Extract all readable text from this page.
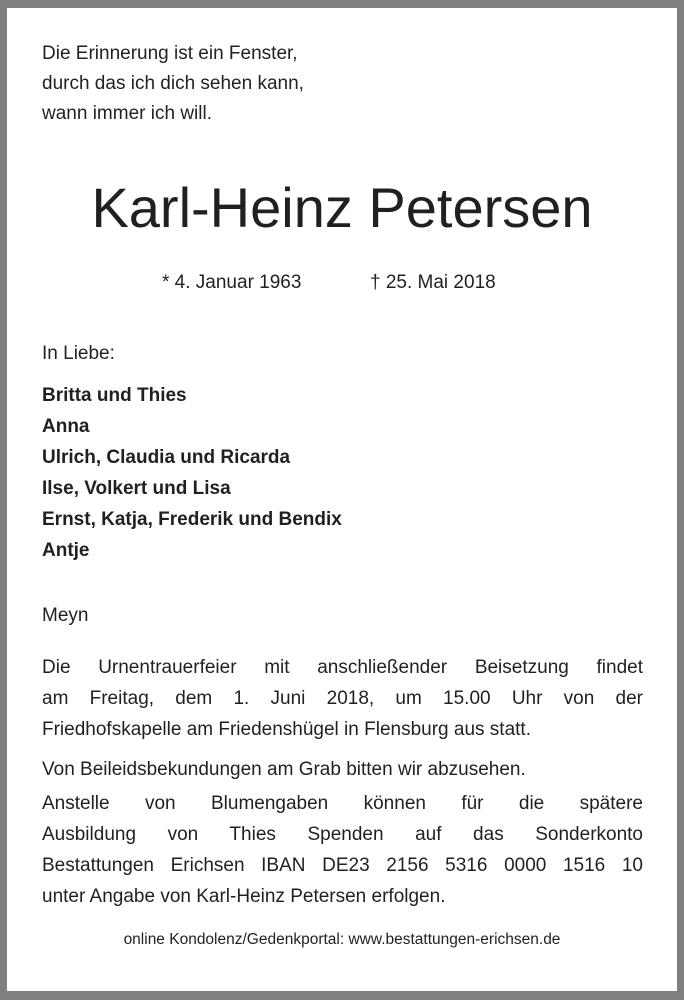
Die Erinnerung ist ein Fenster,
durch das ich dich sehen kann,
wann immer ich will.
Karl-Heinz Petersen
* 4. Januar 1963	† 25. Mai 2018
In Liebe:
Britta und Thies
Anna
Ulrich, Claudia und Ricarda
Ilse, Volkert und Lisa
Ernst, Katja, Frederik und Bendix
Antje
Meyn
Die Urnentrauerfeier mit anschließender Beisetzung findet
am Freitag, dem 1. Juni 2018, um 15.00 Uhr von der
Friedhofskapelle am Friedenshügel in Flensburg aus statt.
Von Beileidsbekundungen am Grab bitten wir abzusehen.
Anstelle von Blumengaben können für die spätere
Ausbildung von Thies Spenden auf das Sonderkonto
Bestattungen Erichsen IBAN DE23 2156 5316 0000 1516 10
unter Angabe von Karl-Heinz Petersen erfolgen.
online Kondolenz/Gedenkportal: www.bestattungen-erichsen.de
